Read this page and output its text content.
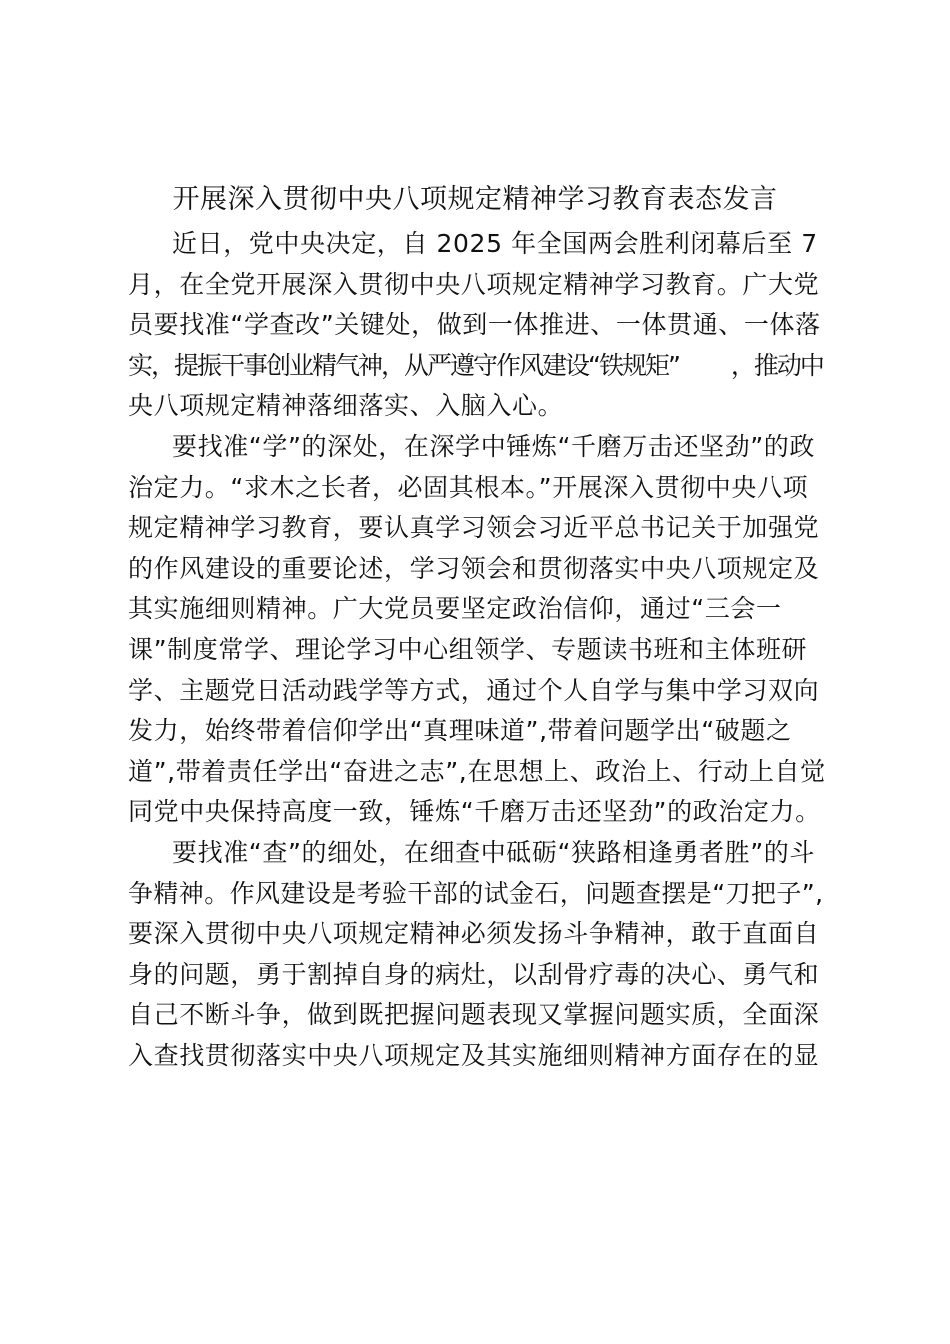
开展深入贯彻中央八项规定精神学习教育表态发言
近日，党中央决定，自 2025 年全国两会胜利闭幕后至 7
月，在全党开展深入贯彻中央八项规定精神学习教育。广大党
员要找准“学查改”关键处，做到一体推进、一体贯通、一体落
实，提振干事创业精气神，从严遵守作风建设“铁规矩”　　 ，推动中
央八项规定精神落细落实、入脑入心。
要找准“学”的深处，在深学中锤炼“千磨万击还坚劲”的政
治定力。“求木之长者，必固其根本。”开展深入贯彻中央八项
规定精神学习教育，要认真学习领会习近平总书记关于加强党
的作风建设的重要论述，学习领会和贯彻落实中央八项规定及
其实施细则精神。广大党员要坚定政治信仰，通过“三会一
课”制度常学、理论学习中心组领学、专题读书班和主体班研
学、主题党日活动践学等方式，通过个人自学与集中学习双向
发力，始终带着信仰学出“真理味道”,带着问题学出“破题之
道”,带着责任学出“奋进之志”,在思想上、政治上、行动上自觉
同党中央保持高度一致，锤炼“千磨万击还坚劲”的政治定力。
要找准“查”的细处，在细查中砥砺“狭路相逢勇者胜”的斗
争精神。作风建设是考验干部的试金石，问题查摆是“刀把子”,
要深入贯彻中央八项规定精神必须发扬斗争精神，敢于直面自
身的问题，勇于割掉自身的病灶，以刮骨疗毒的决心、勇气和
自己不断斗争，做到既把握问题表现又掌握问题实质，全面深
入查找贯彻落实中央八项规定及其实施细则精神方面存在的显
